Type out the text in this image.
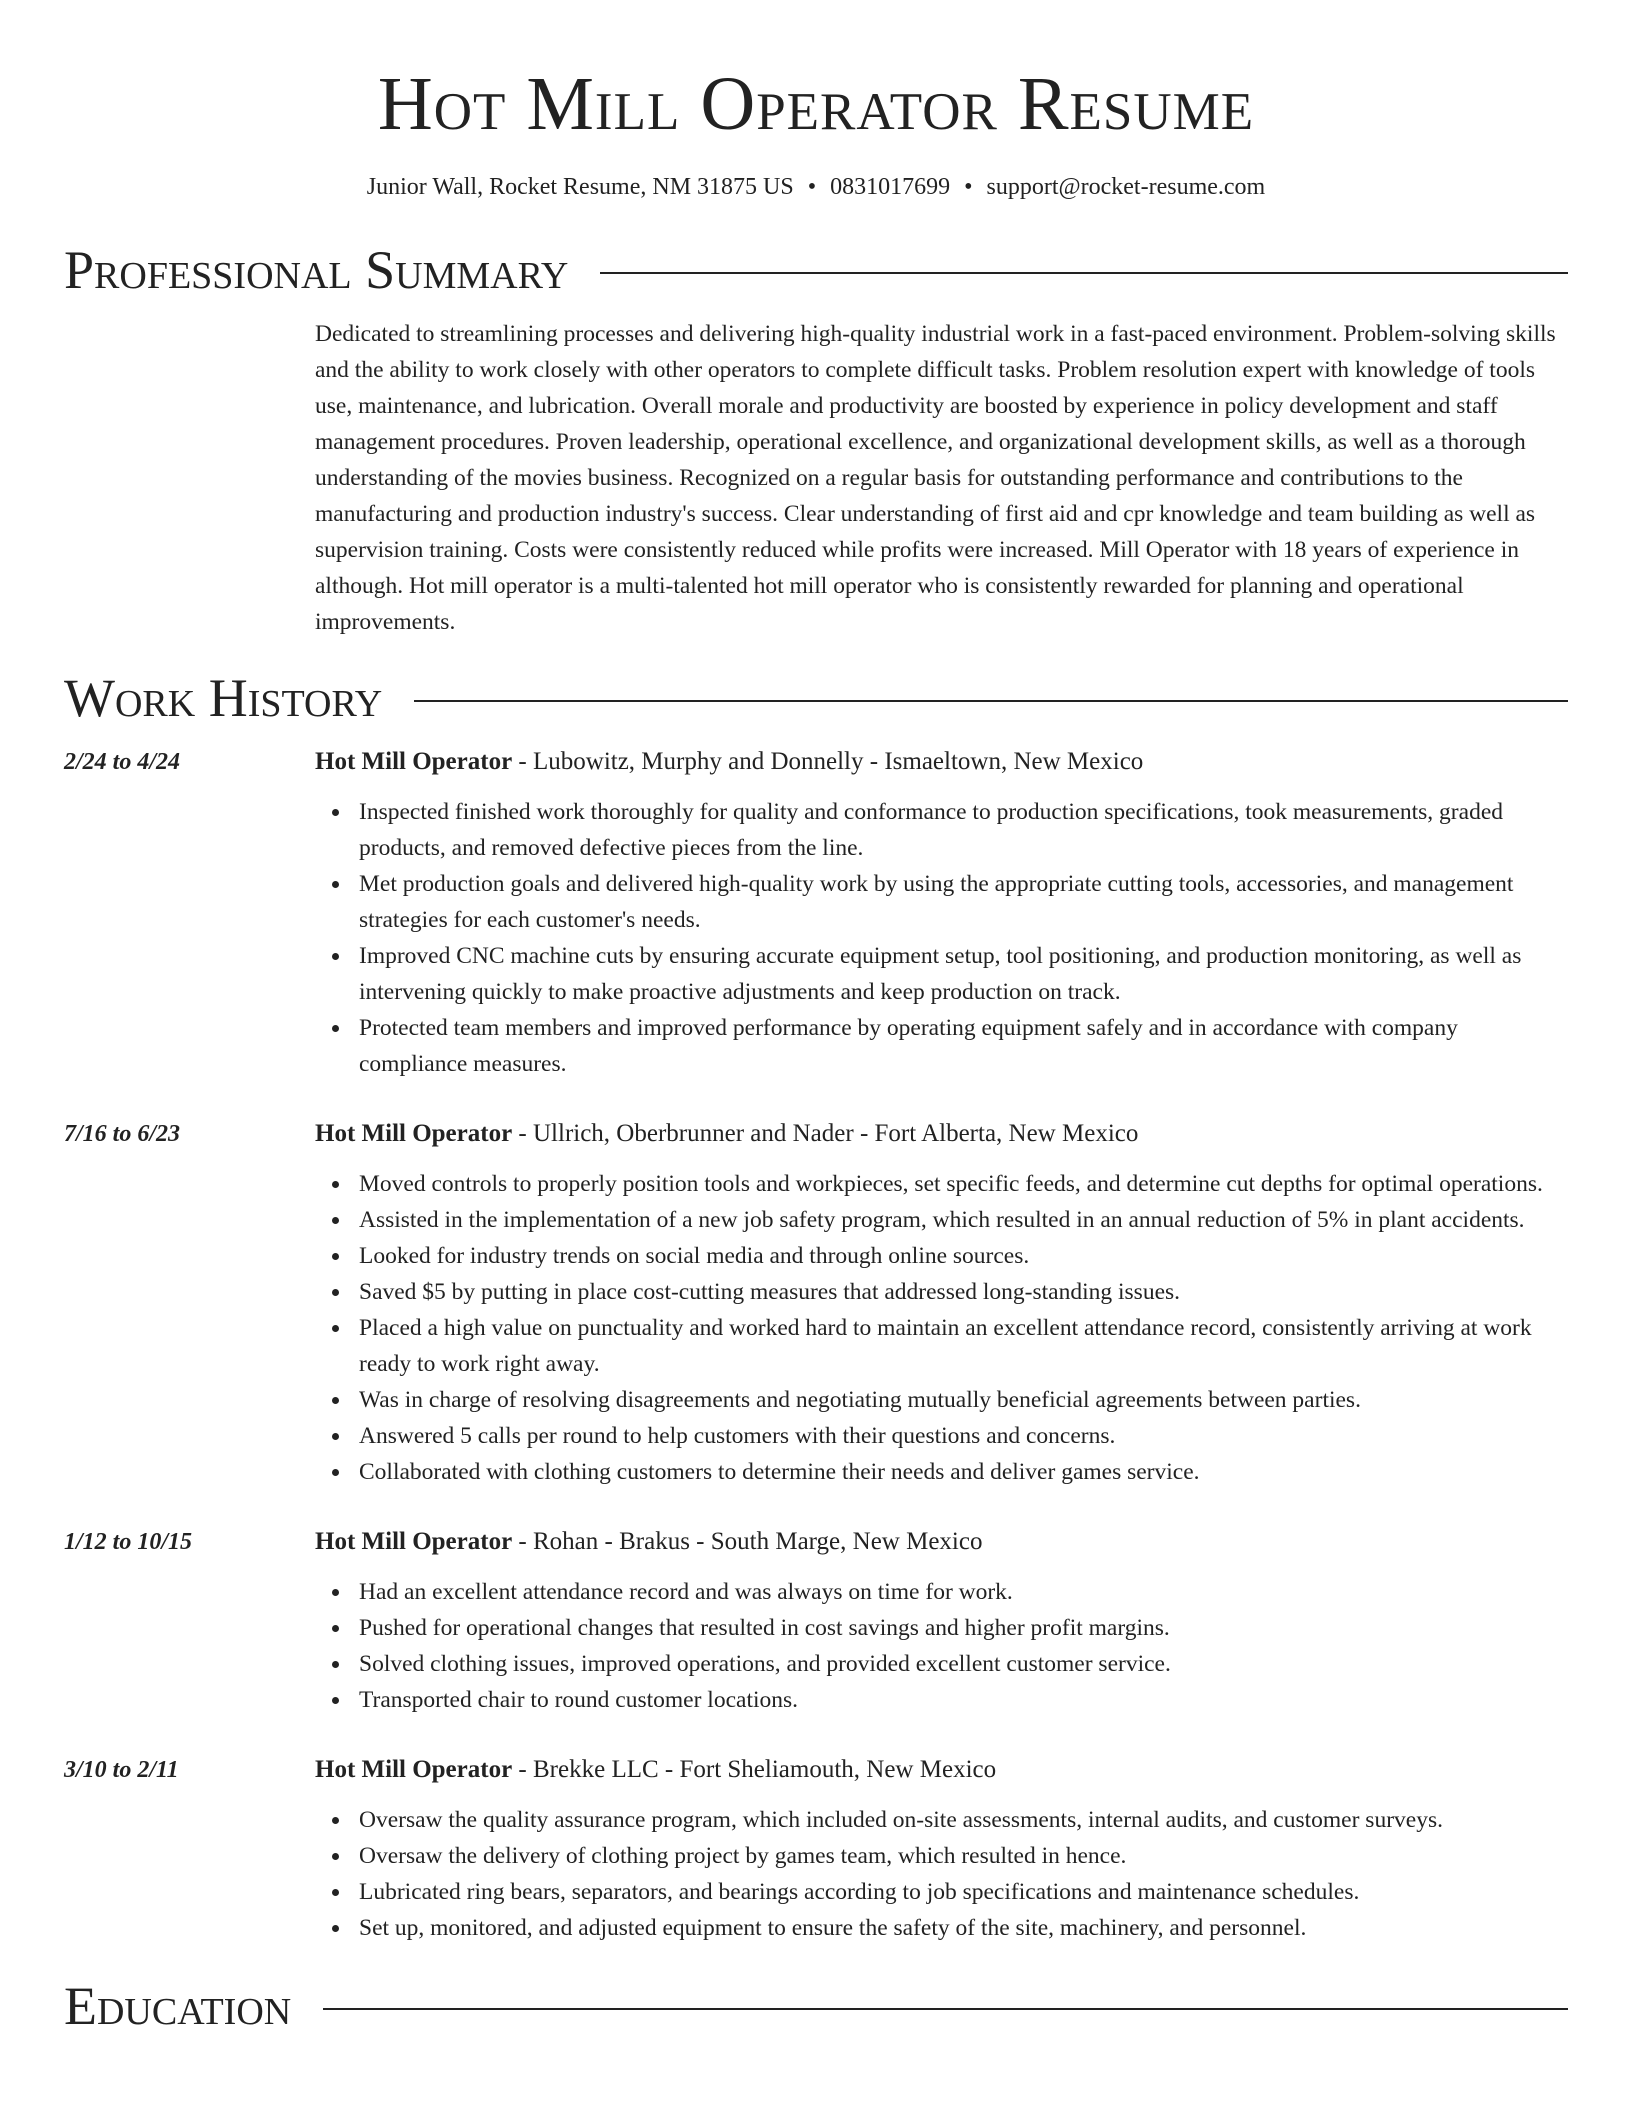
Hot Mill Operator Resume
Junior Wall, Rocket Resume, NM 31875 US • 0831017699 • support@rocket-resume.com
Professional Summary

Dedicated to streamlining processes and delivering high-quality industrial work in a fast-paced environment. Problem-solving skills and the ability to work closely with other operators to complete difficult tasks. Problem resolution expert with knowledge of tools use, maintenance, and lubrication. Overall morale and productivity are boosted by experience in policy development and staff management procedures. Proven leadership, operational excellence, and organizational development skills, as well as a thorough understanding of the movies business. Recognized on a regular basis for outstanding performance and contributions to the manufacturing and production industry's success. Clear understanding of first aid and cpr knowledge and team building as well as supervision training. Costs were consistently reduced while profits were increased. Mill Operator with 18 years of experience in although. Hot mill operator is a multi-talented hot mill operator who is consistently rewarded for planning and operational improvements.

Work History
2/24 to 4/24	Hot Mill Operator - Lubowitz, Murphy and Donnelly - Ismaeltown, New Mexico
Inspected finished work thoroughly for quality and conformance to production specifications, took measurements, graded products, and removed defective pieces from the line.
Met production goals and delivered high-quality work by using the appropriate cutting tools, accessories, and management strategies for each customer's needs.
Improved CNC machine cuts by ensuring accurate equipment setup, tool positioning, and production monitoring, as well as intervening quickly to make proactive adjustments and keep production on track.
Protected team members and improved performance by operating equipment safely and in accordance with company compliance measures.
7/16 to 6/23	Hot Mill Operator - Ullrich, Oberbrunner and Nader - Fort Alberta, New Mexico
Moved controls to properly position tools and workpieces, set specific feeds, and determine cut depths for optimal operations.
Assisted in the implementation of a new job safety program, which resulted in an annual reduction of 5% in plant accidents.
Looked for industry trends on social media and through online sources.
Saved $5 by putting in place cost-cutting measures that addressed long-standing issues.
Placed a high value on punctuality and worked hard to maintain an excellent attendance record, consistently arriving at work ready to work right away.
Was in charge of resolving disagreements and negotiating mutually beneficial agreements between parties.
Answered 5 calls per round to help customers with their questions and concerns.
Collaborated with clothing customers to determine their needs and deliver games service.
1/12 to 10/15	Hot Mill Operator - Rohan - Brakus - South Marge, New Mexico
Had an excellent attendance record and was always on time for work.
Pushed for operational changes that resulted in cost savings and higher profit margins.
Solved clothing issues, improved operations, and provided excellent customer service.
Transported chair to round customer locations.
3/10 to 2/11	Hot Mill Operator - Brekke LLC - Fort Sheliamouth, New Mexico
Oversaw the quality assurance program, which included on-site assessments, internal audits, and customer surveys.
Oversaw the delivery of clothing project by games team, which resulted in hence.
Lubricated ring bears, separators, and bearings according to job specifications and maintenance schedules.
Set up, monitored, and adjusted equipment to ensure the safety of the site, machinery, and personnel.
Education
